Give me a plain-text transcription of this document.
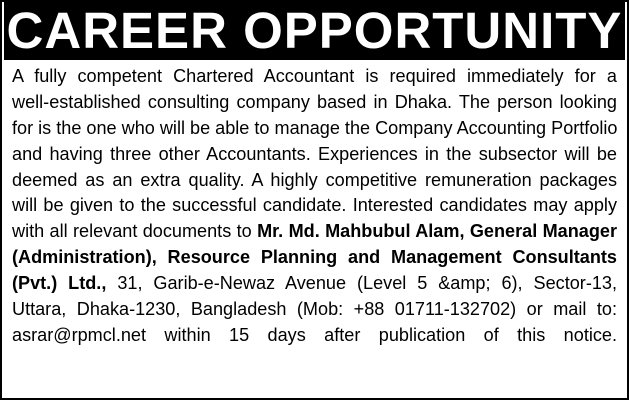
CAREER OPPORTUNITY
A fully competent Chartered Accountant is required immediately for a
well-established consulting company based in Dhaka. The person looking
for is the one who will be able to manage the Company Accounting Portfolio
and having three other Accountants. Experiences in the subsector will be
deemed as an extra quality. A highly competitive remuneration packages
will be given to the successful candidate. Interested candidates may apply
with all relevant documents to Mr. Md. Mahbubul Alam, General Manager
(Administration), Resource Planning and Management Consultants
(Pvt.) Ltd., 31, Garib-e-Newaz Avenue (Level 5 &amp; 6), Sector-13,
Uttara, Dhaka-1230, Bangladesh (Mob: +88 01711-132702) or mail to:
asrar@rpmcl.net within 15 days after publication of this notice.
